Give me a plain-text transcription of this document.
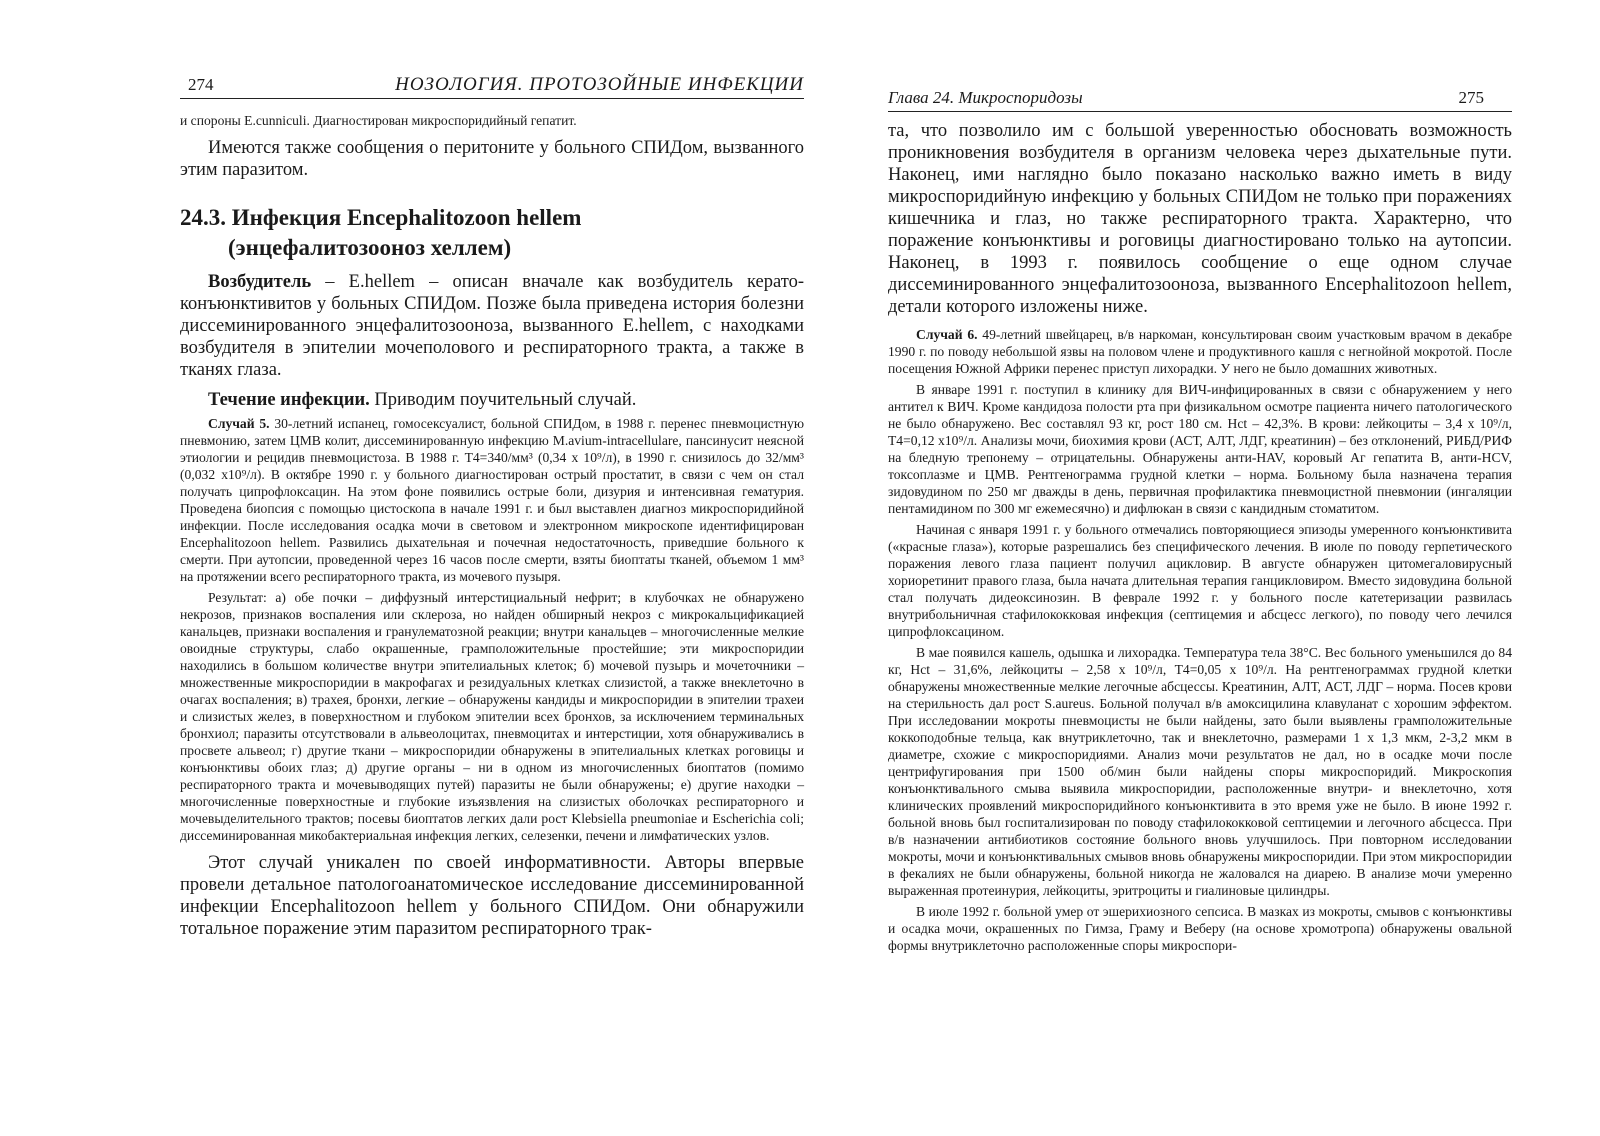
274	НОЗОЛОГИЯ. ПРОТОЗОЙНЫЕ ИНФЕКЦИИ

и спороны E.cunniculi. Диагностирован микроспоридийный гепатит.

Имеются также сообщения о перитоните у больного СПИДом, вызванного этим паразитом.

24.3. Инфекция Encephalitozoon hellem
(энцефалитозооноз хеллем)

Возбудитель – E.hellem – описан вначале как возбудитель керато-конъюнктивитов у больных СПИДом. Позже была приведена история болезни диссеминированного энцефалитозооноза, вызванного E.hellem, с находками возбудителя в эпителии мочеполового и респираторного тракта, а также в тканях глаза.

Течение инфекции. Приводим поучительный случай.

Случай 5. 30-летний испанец, гомосексуалист, больной СПИДом, в 1988 г. перенес пневмоцистную пневмонию, затем ЦМВ колит, диссеминированную инфекцию M.avium-intracellulare, пансинусит неясной этиологии и рецидив пневмоцистоза. В 1988 г. T4=340/мм³ (0,34 х 10⁹/л), в 1990 г. снизилось до 32/мм³ (0,032 х10⁹/л). В октябре 1990 г. у больного диагностирован острый простатит, в связи с чем он стал получать ципрофлоксацин. На этом фоне появились острые боли, дизурия и интенсивная гематурия. Проведена биопсия с помощью цистоскопа в начале 1991 г. и был выставлен диагноз микроспоридийной инфекции. После исследования осадка мочи в световом и электронном микроскопе идентифицирован Encephalitozoon hellem. Развились дыхательная и почечная недостаточность, приведшие больного к смерти. При аутопсии, проведенной через 16 часов после смерти, взяты биоптаты тканей, объемом 1 мм³ на протяжении всего респираторного тракта, из мочевого пузыря.

Результат: а) обе почки – диффузный интерстициальный нефрит; в клубочках не обнаружено некрозов, признаков воспаления или склероза, но найден обширный некроз с микрокальцификацией канальцев, признаки воспаления и гранулематозной реакции; внутри канальцев – многочисленные мелкие овоидные структуры, слабо окрашенные, грамположительные простейшие; эти микроспоридии находились в большом количестве внутри эпителиальных клеток; б) мочевой пузырь и мочеточники – множественные микроспоридии в макрофагах и резидуальных клетках слизистой, а также внеклеточно в очагах воспаления; в) трахея, бронхи, легкие – обнаружены кандиды и микроспоридии в эпителии трахеи и слизистых желез, в поверхностном и глубоком эпителии всех бронхов, за исключением терминальных бронхиол; паразиты отсутствовали в альвеолоцитах, пневмоцитах и интерстиции, хотя обнаруживались в просвете альвеол; г) другие ткани – микроспоридии обнаружены в эпителиальных клетках роговицы и конъюнктивы обоих глаз; д) другие органы – ни в одном из многочисленных биоптатов (помимо респираторного тракта и мочевыводящих путей) паразиты не были обнаружены; е) другие находки – многочисленные поверхностные и глубокие изъязвления на слизистых оболочках респираторного и мочевыделительного трактов; посевы биоптатов легких дали рост Klebsiella pneumoniae и Escherichia coli; диссеминированная микобактериальная инфекция легких, селезенки, печени и лимфатических узлов.

Этот случай уникален по своей информативности. Авторы впервые провели детальное патологоанатомическое исследование диссеминированной инфекции Encephalitozoon hellem у больного СПИДом. Они обнаружили тотальное поражение этим паразитом респираторного трак-

Глава 24. Микроспоридозы	275

та, что позволило им с большой уверенностью обосновать возможность проникновения возбудителя в организм человека через дыхательные пути. Наконец, ими наглядно было показано насколько важно иметь в виду микроспоридийную инфекцию у больных СПИДом не только при поражениях кишечника и глаз, но также респираторного тракта. Характерно, что поражение конъюнктивы и роговицы диагностировано только на аутопсии. Наконец, в 1993 г. появилось сообщение о еще одном случае диссеминированного энцефалитозооноза, вызванного Encephalitozoon hellem, детали которого изложены ниже.

Случай 6. 49-летний швейцарец, в/в наркоман, консультирован своим участковым врачом в декабре 1990 г. по поводу небольшой язвы на половом члене и продуктивного кашля с негнойной мокротой. После посещения Южной Африки перенес приступ лихорадки. У него не было домашних животных.

В январе 1991 г. поступил в клинику для ВИЧ-инфицированных в связи с обнаружением у него антител к ВИЧ. Кроме кандидоза полости рта при физикальном осмотре пациента ничего патологического не было обнаружено. Вес составлял 93 кг, рост 180 см. Hct – 42,3%. В крови: лейкоциты – 3,4 х 10⁹/л, T4=0,12 х10⁹/л. Анализы мочи, биохимия крови (АСТ, АЛТ, ЛДГ, креатинин) – без отклонений, РИБД/РИФ на бледную трепонему – отрицательны. Обнаружены анти-HAV, коровый Аг гепатита В, анти-HCV, токсоплазме и ЦМВ. Рентгенограмма грудной клетки – норма. Больному была назначена терапия зидовудином по 250 мг дважды в день, первичная профилактика пневмоцистной пневмонии (ингаляции пентамидином по 300 мг ежемесячно) и дифлюкан в связи с кандидным стоматитом.

Начиная с января 1991 г. у больного отмечались повторяющиеся эпизоды умеренного конъюнктивита («красные глаза»), которые разрешались без специфического лечения. В июле по поводу герпетического поражения левого глаза пациент получил ацикловир. В августе обнаружен цитомегаловирусный хориоретинит правого глаза, была начата длительная терапия ганцикловиром. Вместо зидовудина больной стал получать дидеоксинозин. В феврале 1992 г. у больного после катетеризации развилась внутрибольничная стафилококковая инфекция (септицемия и абсцесс легкого), по поводу чего лечился ципрофлоксацином.

В мае появился кашель, одышка и лихорадка. Температура тела 38°С. Вес больного уменьшился до 84 кг, Hct – 31,6%, лейкоциты – 2,58 х 10⁹/л, T4=0,05 х 10⁹/л. На рентгенограммах грудной клетки обнаружены множественные мелкие легочные абсцессы. Креатинин, АЛТ, АСТ, ЛДГ – норма. Посев крови на стерильность дал рост S.aureus. Больной получал в/в амоксицилина клавуланат с хорошим эффектом. При исследовании мокроты пневмоцисты не были найдены, зато были выявлены грамположительные коккоподобные тельца, как внутриклеточно, так и внеклеточно, размерами 1 х 1,3 мкм, 2-3,2 мкм в диаметре, схожие с микроспоридиями. Анализ мочи результатов не дал, но в осадке мочи после центрифугирования при 1500 об/мин были найдены споры микроспоридий. Микроскопия конъюнктивального смыва выявила микроспоридии, расположенные внутри- и внеклеточно, хотя клинических проявлений микроспоридийного конъюнктивита в это время уже не было. В июне 1992 г. больной вновь был госпитализирован по поводу стафилококковой септицемии и легочного абсцесса. При в/в назначении антибиотиков состояние больного вновь улучшилось. При повторном исследовании мокроты, мочи и конъюнктивальных смывов вновь обнаружены микроспоридии. При этом микроспоридии в фекалиях не были обнаружены, больной никогда не жаловался на диарею. В анализе мочи умеренно выраженная протеинурия, лейкоциты, эритроциты и гиалиновые цилиндры.

В июле 1992 г. больной умер от эшерихиозного сепсиса. В мазках из мокроты, смывов с конъюнктивы и осадка мочи, окрашенных по Гимза, Граму и Веберу (на основе хромотропа) обнаружены овальной формы внутриклеточно расположенные споры микроспори-
